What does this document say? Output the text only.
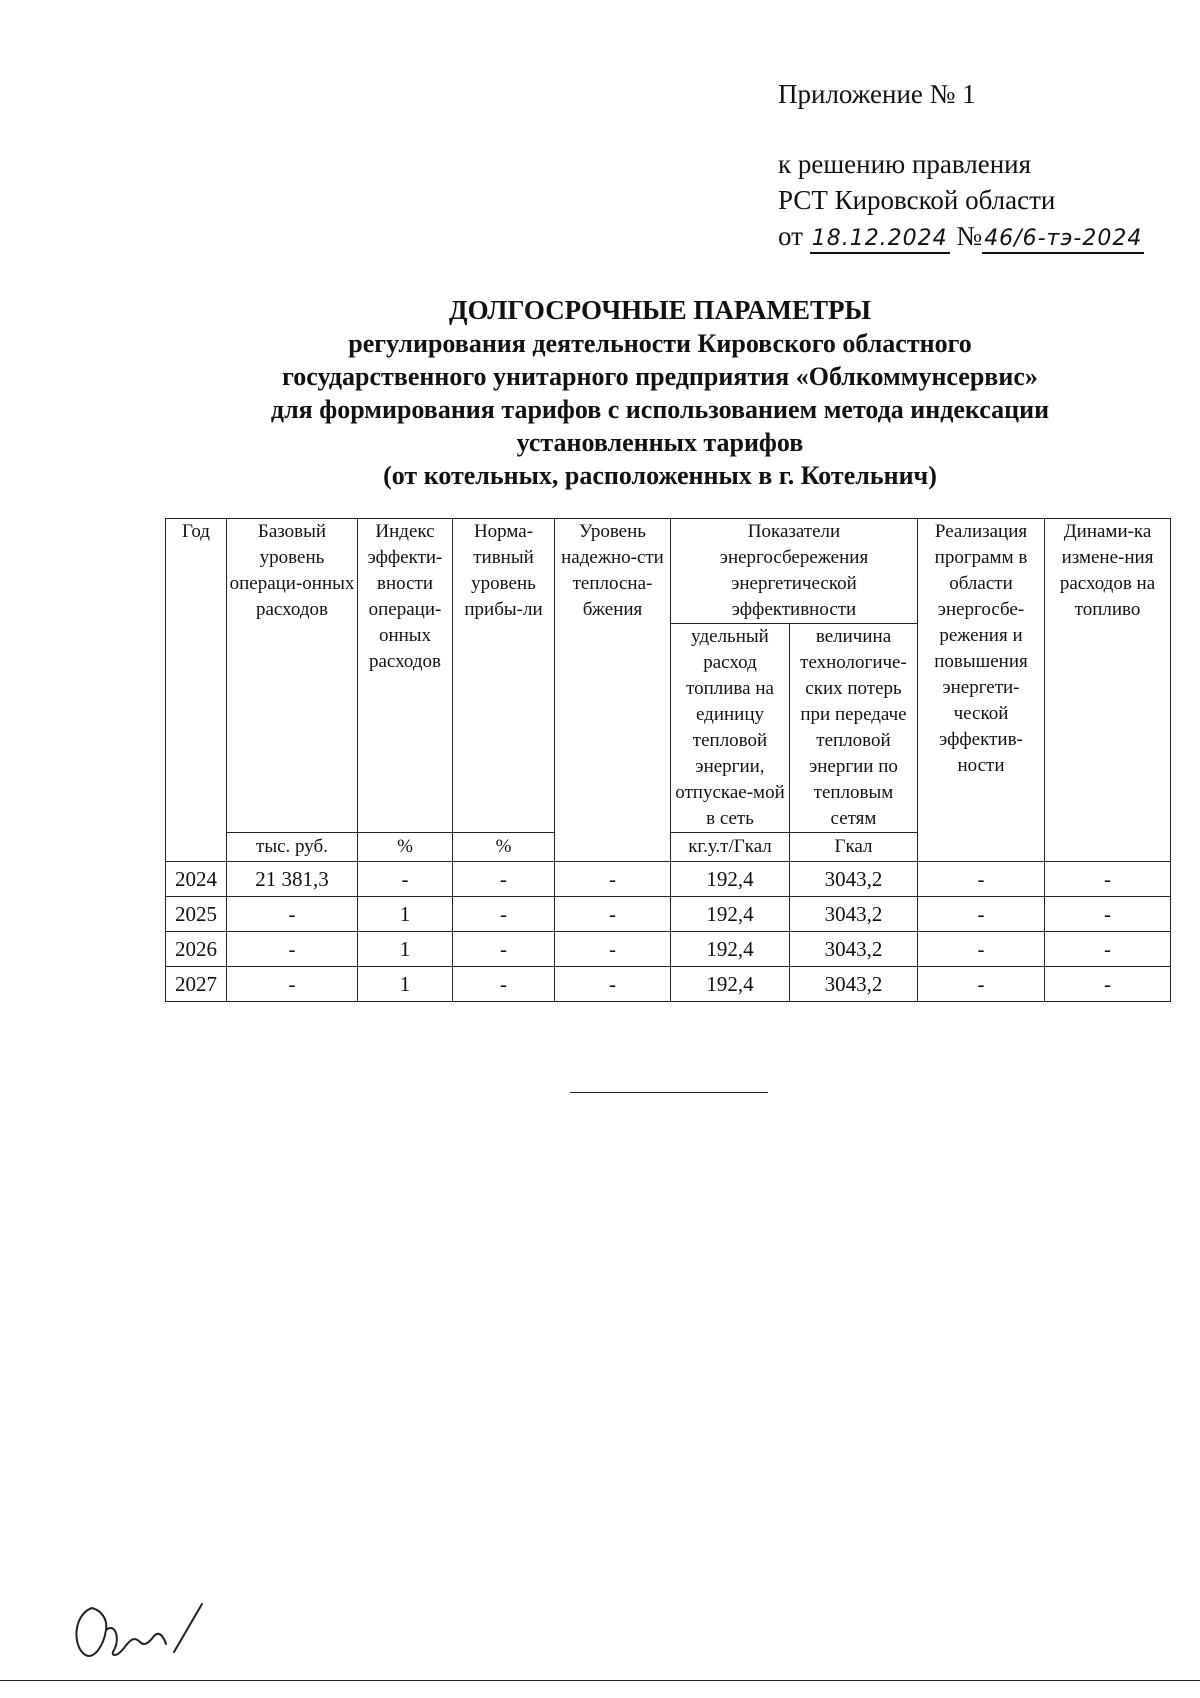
Приложение № 1
к решению правления
РСТ Кировской области
от 18.12.2024 №46/6-тэ-2024
ДОЛГОСРОЧНЫЕ ПАРАМЕТРЫ
регулирования деятельности Кировского областного
государственного унитарного предприятия «Облкоммунсервис»
для формирования тарифов с использованием метода индексации
установленных тарифов
(от котельных, расположенных в г. Котельнич)
Год	Базовый уровень операци-онных расходов	Индекс эффекти-вности операци-онных расходов	Норма-тивный уровень прибы-ли	Уровень надежно-сти теплосна-бжения	Показатели энергосбережения энергетической эффективности		Реализация программ в области энергосбе-режения и повышения энергети-ческой эффектив-ности	Динами-ка измене-ния расходов на топливо
					удельный расход топлива на единицу тепловой энергии, отпускае-мой в сеть	величина технологиче-ских потерь при передаче тепловой энергии по тепловым сетям		
	тыс. руб.	%	%		кг.у.т/Гкал	Гкал		
2024	21 381,3	-	-	-	192,4	3043,2	-	-
2025	-	1	-	-	192,4	3043,2	-	-
2026	-	1	-	-	192,4	3043,2	-	-
2027	-	1	-	-	192,4	3043,2	-	-
